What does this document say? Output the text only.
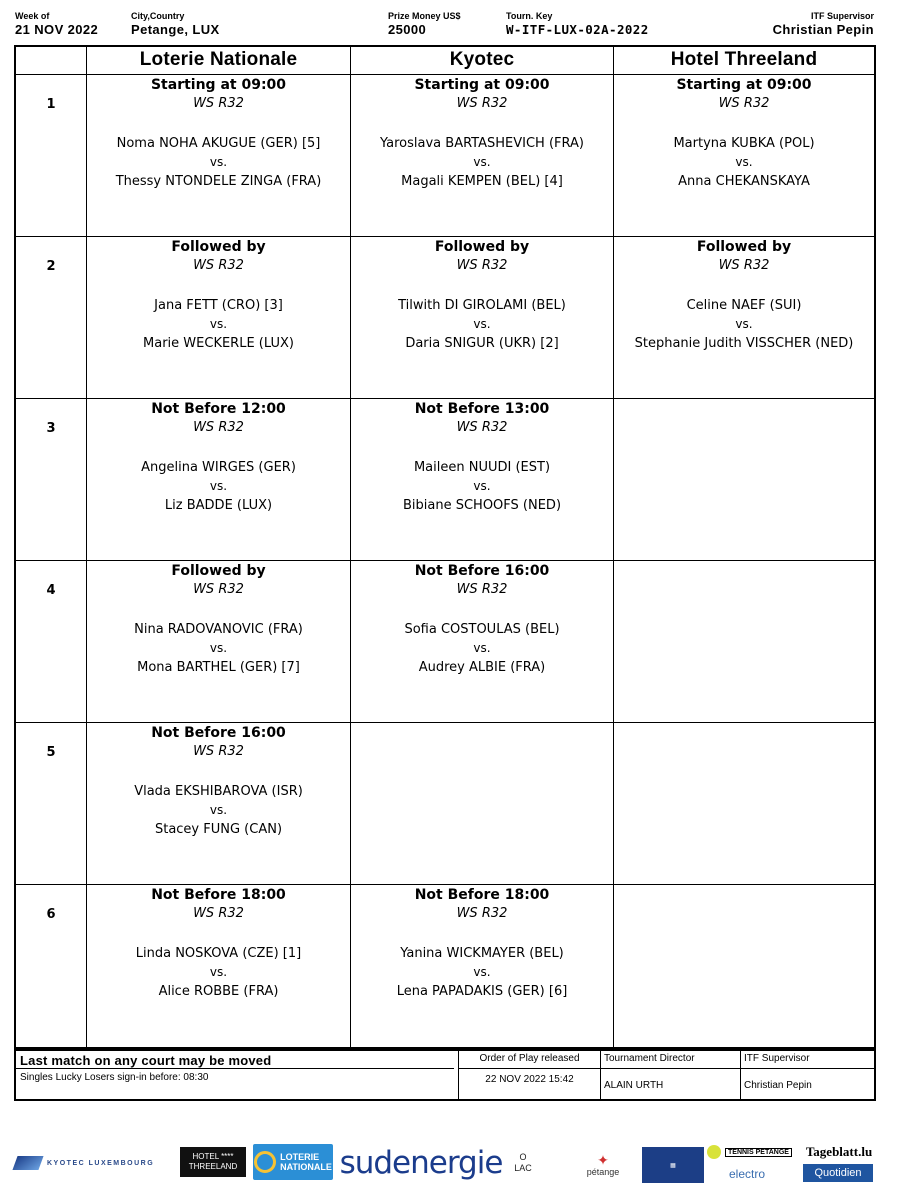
Week of
21 NOV 2022
City,Country
Petange, LUX
Prize Money US$
25000
Tourn. Key
W-ITF-LUX-02A-2022
ITF Supervisor
Christian Pepin
Loterie Nationale	Kyotec	Hotel Threeland
1
Starting at 09:00
WS R32
Noma NOHA AKUGUE (GER) [5]
vs.
Thessy NTONDELE ZINGA (FRA)
Starting at 09:00
WS R32
Yaroslava BARTASHEVICH (FRA)
vs.
Magali KEMPEN (BEL) [4]
Starting at 09:00
WS R32
Martyna KUBKA (POL)
vs.
Anna CHEKANSKAYA
2
Followed by
WS R32
Jana FETT (CRO) [3]
vs.
Marie WECKERLE (LUX)
Followed by
WS R32
Tilwith DI GIROLAMI (BEL)
vs.
Daria SNIGUR (UKR) [2]
Followed by
WS R32
Celine NAEF (SUI)
vs.
Stephanie Judith VISSCHER (NED)
3
Not Before 12:00
WS R32
Angelina WIRGES (GER)
vs.
Liz BADDE (LUX)
Not Before 13:00
WS R32
Maileen NUUDI (EST)
vs.
Bibiane SCHOOFS (NED)
4
Followed by
WS R32
Nina RADOVANOVIC (FRA)
vs.
Mona BARTHEL (GER) [7]
Not Before 16:00
WS R32
Sofia COSTOULAS (BEL)
vs.
Audrey ALBIE (FRA)
5
Not Before 16:00
WS R32
Vlada EKSHIBAROVA (ISR)
vs.
Stacey FUNG (CAN)
6
Not Before 18:00
WS R32
Linda NOSKOVA (CZE) [1]
vs.
Alice ROBBE (FRA)
Not Before 18:00
WS R32
Yanina WICKMAYER (BEL)
vs.
Lena PAPADAKIS (GER) [6]
Last match on any court may be moved
Singles Lucky Losers sign-in before: 08:30
Order of Play released
22 NOV 2022 15:42
Tournament Director
ALAIN URTH
ITF Supervisor
Christian Pepin
KYOTEC LUXEMBOURG
HOTEL ****
THREELAND
LOTERIE
NATIONALE sudenergie O
LAC
✦
pétange
▦
TENNIS PETANGE
electro
Tageblatt.lu
Quotidien
